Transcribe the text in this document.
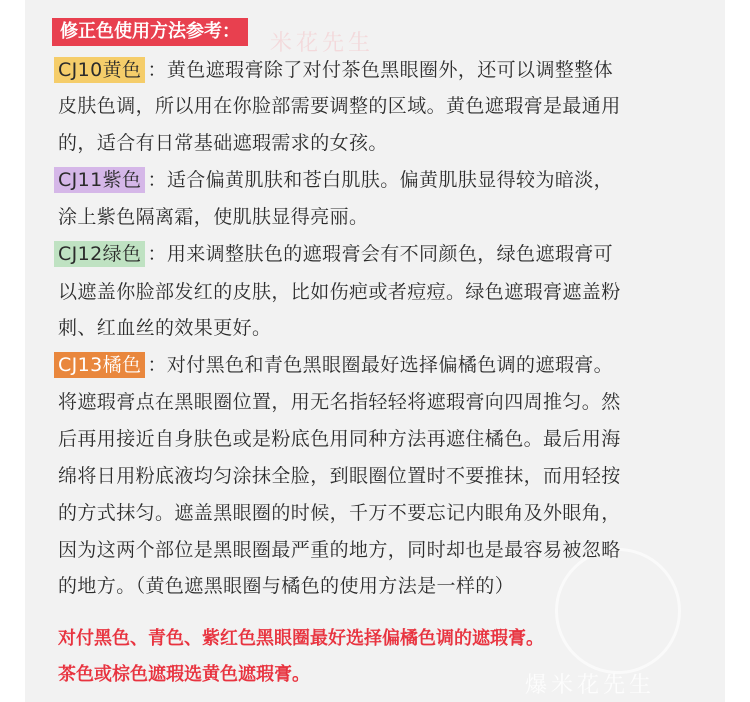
米花先生
修正色使用方法参考：
CJ10黄色 ：黄色遮瑕膏除了对付茶色黑眼圈外，还可以调整整体
皮肤色调，所以用在你脸部需要调整的区域。黄色遮瑕膏是最通用
的，适合有日常基础遮瑕需求的女孩。
CJ11紫色 ：适合偏黄肌肤和苍白肌肤。偏黄肌肤显得较为暗淡，
涂上紫色隔离霜，使肌肤显得亮丽。
CJ12绿色 ：用来调整肤色的遮瑕膏会有不同颜色，绿色遮瑕膏可
以遮盖你脸部发红的皮肤，比如伤疤或者痘痘。绿色遮瑕膏遮盖粉
刺、红血丝的效果更好。
CJ13橘色 ：对付黑色和青色黑眼圈最好选择偏橘色调的遮瑕膏。
将遮瑕膏点在黑眼圈位置，用无名指轻轻将遮瑕膏向四周推匀。然
后再用接近自身肤色或是粉底色用同种方法再遮住橘色。最后用海
绵将日用粉底液均匀涂抹全脸，到眼圈位置时不要推抹，而用轻按
的方式抹匀。遮盖黑眼圈的时候，千万不要忘记内眼角及外眼角，
因为这两个部位是黑眼圈最严重的地方，同时却也是最容易被忽略
的地方。（黄色遮黑眼圈与橘色的使用方法是一样的）
对付黑色、青色、紫红色黑眼圈最好选择偏橘色调的遮瑕膏。
茶色或棕色遮瑕选黄色遮瑕膏。	爆米花先生
